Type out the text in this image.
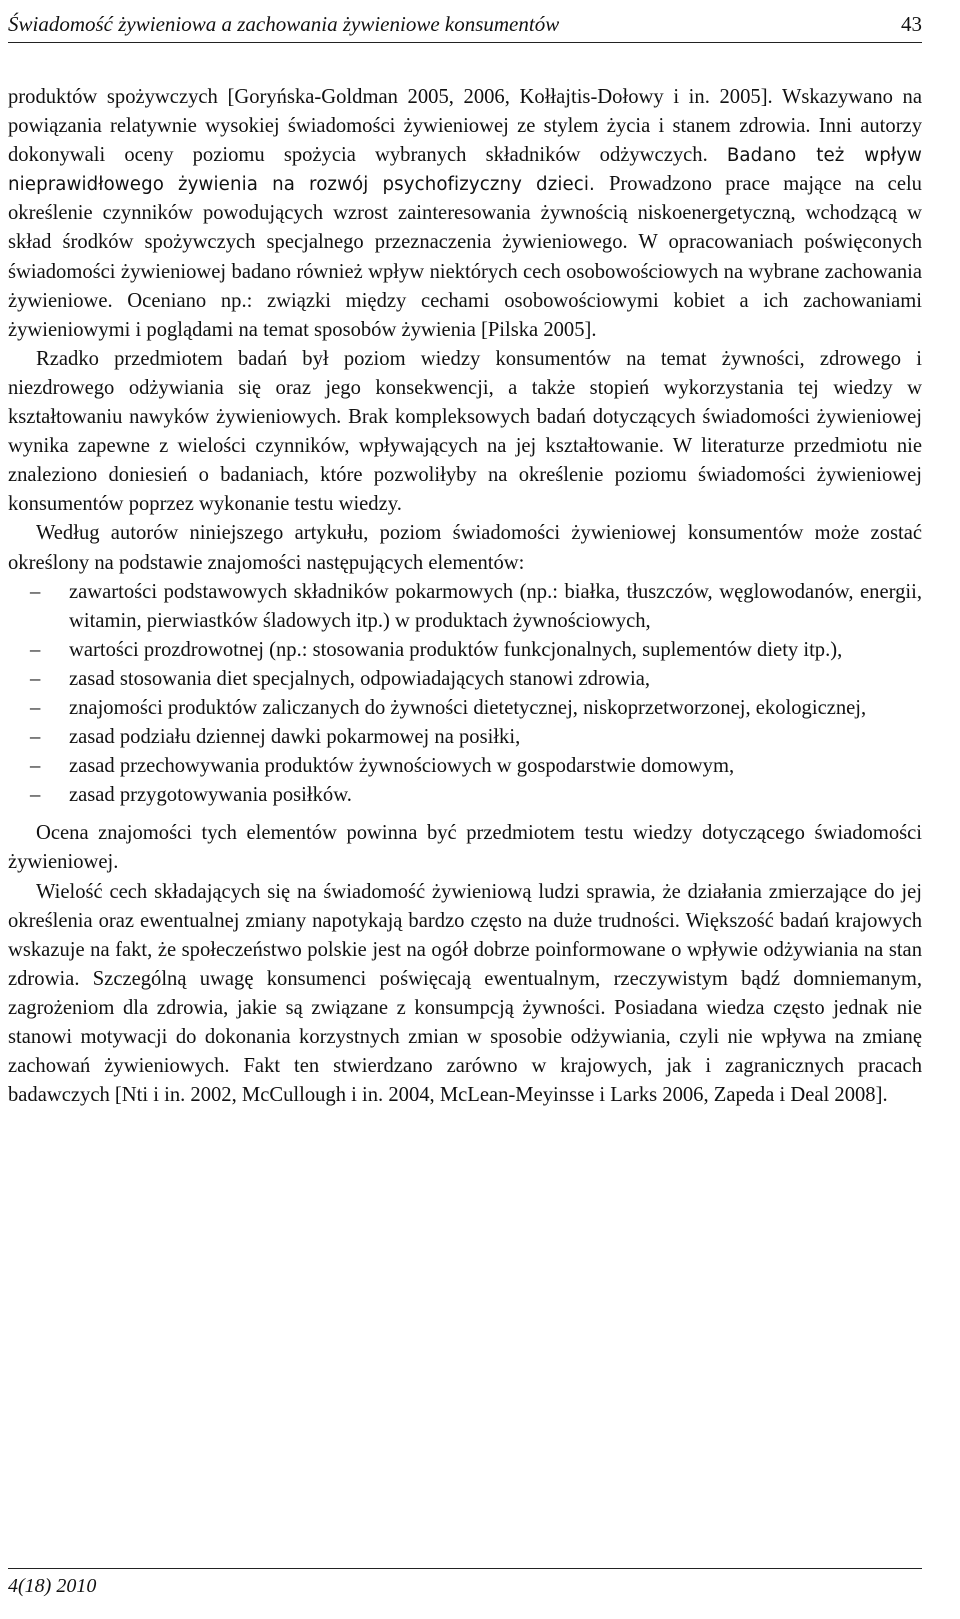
Świadomość żywieniowa a zachowania żywieniowe konsumentów	43

produktów spożywczych [Goryńska-Goldman 2005, 2006, Kołłajtis-Dołowy i in. 2005]. Wskazywano na powiązania relatywnie wysokiej świadomości żywieniowej ze stylem życia i stanem zdrowia. Inni autorzy dokonywali oceny poziomu spożycia wybranych składników odżywczych. Badano też wpływ nieprawidłowego żywienia na rozwój psychofizyczny dzieci. Prowadzono prace mające na celu określenie czynników powodujących wzrost zainteresowania żywnością niskoenergetyczną, wchodzącą w skład środków spożywczych specjalnego przeznaczenia żywieniowego. W opracowaniach poświęconych świadomości żywieniowej badano również wpływ niektórych cech osobowościowych na wybrane zachowania żywieniowe. Oceniano np.: związki między cechami osobowościowymi kobiet a ich zachowaniami żywieniowymi i poglądami na temat sposobów żywienia [Pilska 2005].

Rzadko przedmiotem badań był poziom wiedzy konsumentów na temat żywności, zdrowego i niezdrowego odżywiania się oraz jego konsekwencji, a także stopień wykorzystania tej wiedzy w kształtowaniu nawyków żywieniowych. Brak kompleksowych badań dotyczących świadomości żywieniowej wynika zapewne z wielości czynników, wpływających na jej kształtowanie. W literaturze przedmiotu nie znaleziono doniesień o badaniach, które pozwoliłyby na określenie poziomu świadomości żywieniowej konsumentów poprzez wykonanie testu wiedzy.

Według autorów niniejszego artykułu, poziom świadomości żywieniowej konsumentów może zostać określony na podstawie znajomości następujących elementów:

– zawartości podstawowych składników pokarmowych (np.: białka, tłuszczów, węglowodanów, energii, witamin, pierwiastków śladowych itp.) w produktach żywnościowych,
– wartości prozdrowotnej (np.: stosowania produktów funkcjonalnych, suplementów diety itp.),
– zasad stosowania diet specjalnych, odpowiadających stanowi zdrowia,
– znajomości produktów zaliczanych do żywności dietetycznej, niskoprzetworzonej, ekologicznej,
– zasad podziału dziennej dawki pokarmowej na posiłki,
– zasad przechowywania produktów żywnościowych w gospodarstwie domowym,
– zasad przygotowywania posiłków.

Ocena znajomości tych elementów powinna być przedmiotem testu wiedzy dotyczącego świadomości żywieniowej.

Wielość cech składających się na świadomość żywieniową ludzi sprawia, że działania zmierzające do jej określenia oraz ewentualnej zmiany napotykają bardzo często na duże trudności. Większość badań krajowych wskazuje na fakt, że społeczeństwo polskie jest na ogół dobrze poinformowane o wpływie odżywiania na stan zdrowia. Szczególną uwagę konsumenci poświęcają ewentualnym, rzeczywistym bądź domniemanym, zagrożeniom dla zdrowia, jakie są związane z konsumpcją żywności. Posiadana wiedza często jednak nie stanowi motywacji do dokonania korzystnych zmian w sposobie odżywiania, czyli nie wpływa na zmianę zachowań żywieniowych. Fakt ten stwierdzano zarówno w krajowych, jak i zagranicznych pracach badawczych [Nti i in. 2002, McCullough i in. 2004, McLean-Meyinsse i Larks 2006, Zapeda i Deal 2008].

4(18) 2010
